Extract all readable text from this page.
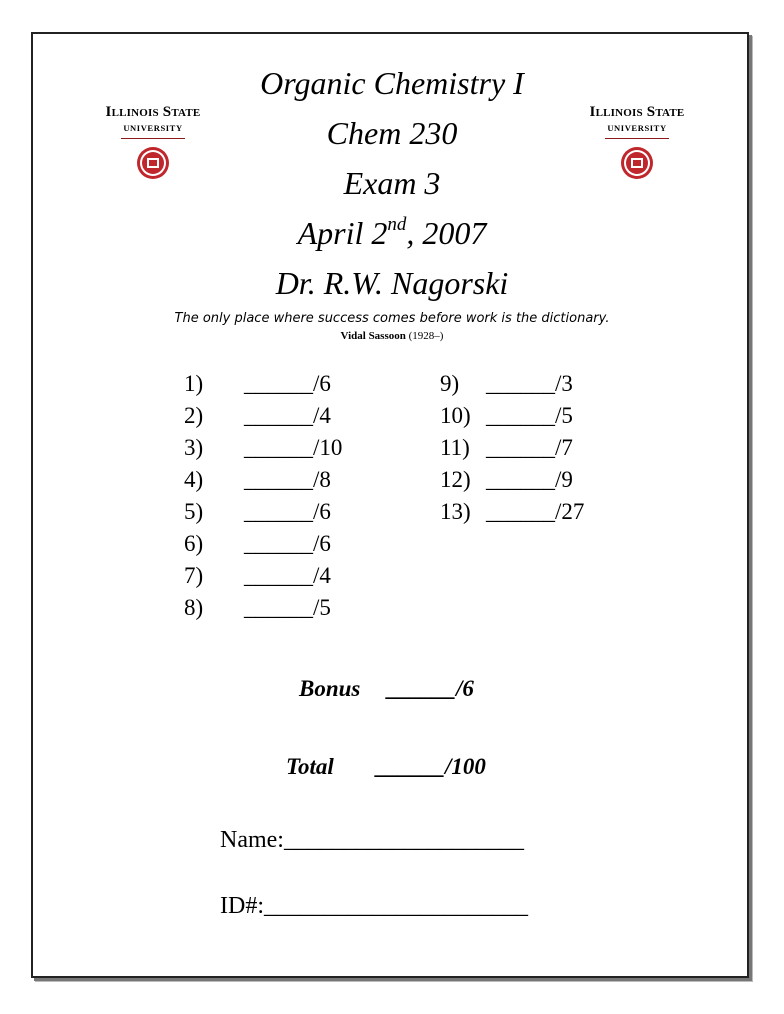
Illinois State
UNIVERSITY
Illinois State
UNIVERSITY
Organic Chemistry I
Chem 230
Exam 3
April 2nd, 2007
Dr. R.W. Nagorski
The only place where success comes before work is the dictionary.
Vidal Sassoon (1928–)
1) ______/6
2) ______/4
3) ______/10
4) ______/8
5) ______/6
6) ______/6
7) ______/4
8) ______/5
9) ______/3
10) ______/5
11) ______/7
12) ______/9
13) ______/27
Bonus ______/6
Total ______/100
Name:____________________
ID#:______________________
